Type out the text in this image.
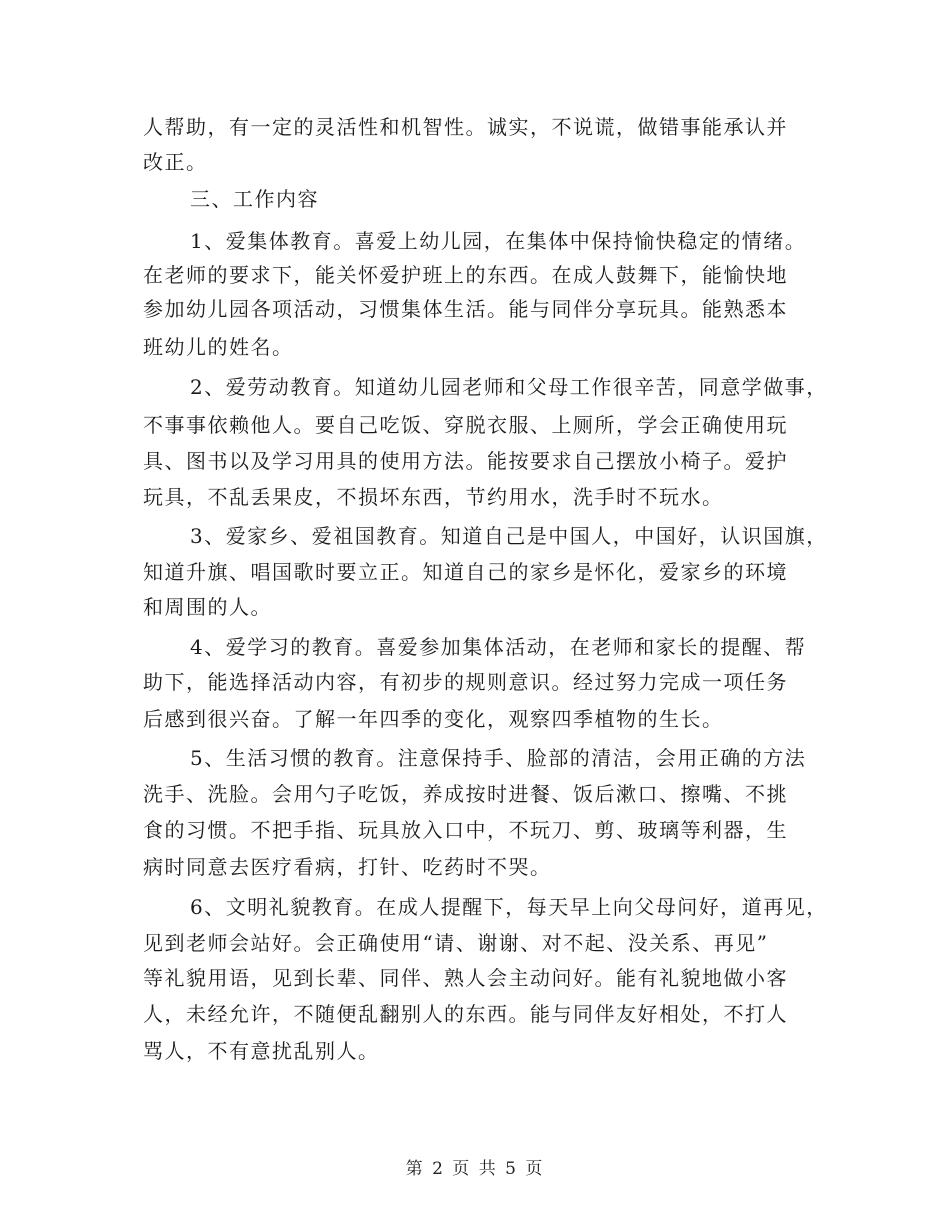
人帮助，有一定的灵活性和机智性。诚实，不说谎，做错事能承认并
改正。
三、工作内容
1、爱集体教育。喜爱上幼儿园，在集体中保持愉快稳定的情绪。
在老师的要求下，能关怀爱护班上的东西。在成人鼓舞下，能愉快地
参加幼儿园各项活动，习惯集体生活。能与同伴分享玩具。能熟悉本
班幼儿的姓名。
2、爱劳动教育。知道幼儿园老师和父母工作很辛苦，同意学做事，
不事事依赖他人。要自己吃饭、穿脱衣服、上厕所，学会正确使用玩
具、图书以及学习用具的使用方法。能按要求自己摆放小椅子。爱护
玩具，不乱丢果皮，不损坏东西，节约用水，洗手时不玩水。
3、爱家乡、爱祖国教育。知道自己是中国人，中国好，认识国旗，
知道升旗、唱国歌时要立正。知道自己的家乡是怀化，爱家乡的环境
和周围的人。
4、爱学习的教育。喜爱参加集体活动，在老师和家长的提醒、帮
助下，能选择活动内容，有初步的规则意识。经过努力完成一项任务
后感到很兴奋。了解一年四季的变化，观察四季植物的生长。
5、生活习惯的教育。注意保持手、脸部的清洁，会用正确的方法
洗手、洗脸。会用勺子吃饭，养成按时进餐、饭后漱口、擦嘴、不挑
食的习惯。不把手指、玩具放入口中，不玩刀、剪、玻璃等利器，生
病时同意去医疗看病，打针、吃药时不哭。
6、文明礼貌教育。在成人提醒下，每天早上向父母问好，道再见，
见到老师会站好。会正确使用“请、谢谢、对不起、没关系、再见”
等礼貌用语，见到长辈、同伴、熟人会主动问好。能有礼貌地做小客
人，未经允许，不随便乱翻别人的东西。能与同伴友好相处，不打人
骂人，不有意扰乱别人。
第 2 页 共 5 页
